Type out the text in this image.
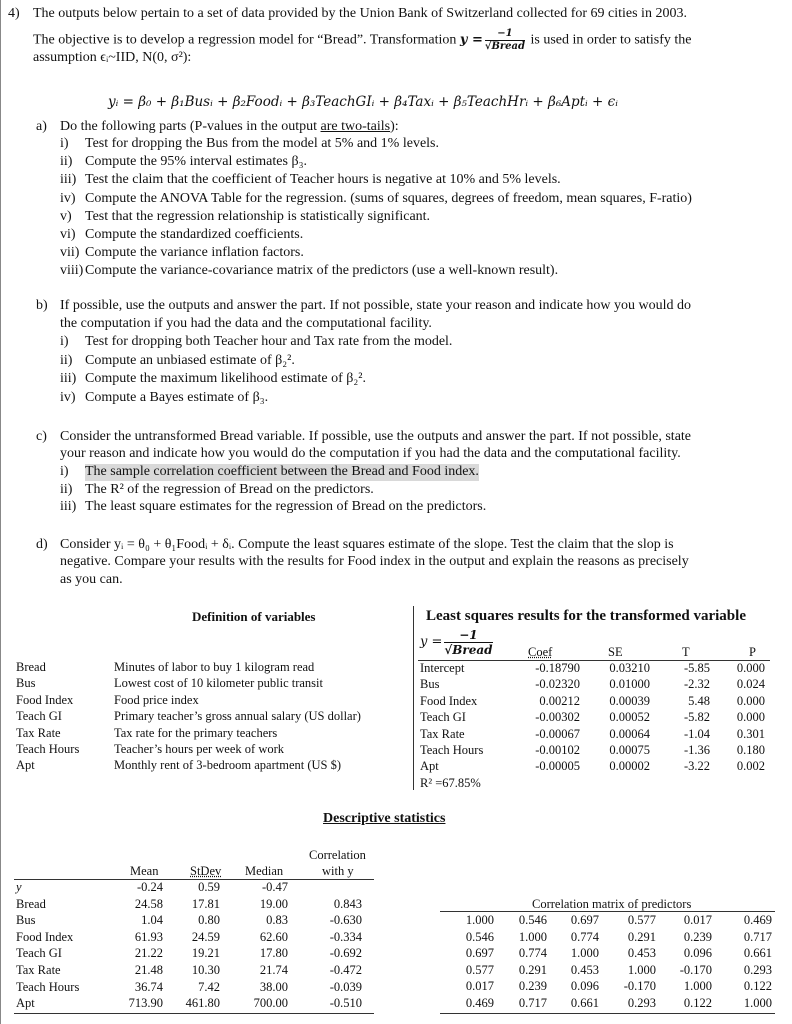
4) The outputs below pertain to a set of data provided by the Union Bank of Switzerland collected for 69 cities in 2003.
The objective is to develop a regression model for “Bread”. Transformation $y = \frac{-1}{\text{√Bread}}$ is used in order to satisfy the
assumption ϵᵢ~IID, N(0, σ²):
yᵢ = β₀ + β₁Busᵢ + β₂Foodᵢ + β₃TeachGIᵢ + β₄Taxᵢ + β₅TeachHrᵢ + β₆Aptᵢ + ϵᵢ
a) Do the following parts (P-values in the output are two-tails):
i) Test for dropping the Bus from the model at 5% and 1% levels.
ii) Compute the 95% interval estimates β₃.
iii) Test the claim that the coefficient of Teacher hours is negative at 10% and 5% levels.
iv) Compute the ANOVA Table for the regression. (sums of squares, degrees of freedom, mean squares, F-ratio)
v) Test that the regression relationship is statistically significant.
vi) Compute the standardized coefficients.
vii) Compute the variance inflation factors.
viii) Compute the variance-covariance matrix of the predictors (use a well-known result).
b) If possible, use the outputs and answer the part. If not possible, state your reason and indicate how you would do
the computation if you had the data and the computational facility.
i) Test for dropping both Teacher hour and Tax rate from the model.
ii) Compute an unbiased estimate of β₂².
iii) Compute the maximum likelihood estimate of β₂².
iv) Compute a Bayes estimate of β₃.
c) Consider the untransformed Bread variable. If possible, use the outputs and answer the part. If not possible, state
your reason and indicate how you would do the computation if you had the data and the computational facility.
i) The sample correlation coefficient between the Bread and Food index.
ii) The R² of the regression of Bread on the predictors.
iii) The least square estimates for the regression of Bread on the predictors.
d) Consider yᵢ = θ₀ + θ₁Foodᵢ + δᵢ. Compute the least squares estimate of the slope. Test the claim that the slop is
negative. Compare your results with the results for Food index in the output and explain the reasons as precisely
as you can.
Definition of variables
Bread	Minutes of labor to buy 1 kilogram read
Bus	Lowest cost of 10 kilometer public transit
Food Index	Food price index
Teach GI	Primary teacher’s gross annual salary (US dollar)
Tax Rate	Tax rate for the primary teachers
Teach Hours	Teacher’s hours per week of work
Apt	Monthly rent of 3-bedroom apartment (US $)
Least squares results for the transformed variable
$y = \frac{-1}{\text{√Bread}}$	Coef	SE	T	P
Intercept	-0.18790	0.03210	-5.85	0.000
Bus	-0.02320	0.01000	-2.32	0.024
Food Index	0.00212	0.00039	5.48	0.000
Teach GI	-0.00302	0.00052	-5.82	0.000
Tax Rate	-0.00067	0.00064	-1.04	0.301
Teach Hours	-0.00102	0.00075	-1.36	0.180
Apt	-0.00005	0.00002	-3.22	0.002
R² =67.85%
Descriptive statistics
Correlation
with y
Mean	StDev Median
y	-0.24	0.59	-0.47
Bread	24.58	17.81	19.00	0.843
Bus	1.04	0.80	0.83	-0.630
Food Index	61.93	24.59	62.60	-0.334
Teach GI	21.22	19.21	17.80	-0.692
Tax Rate	21.48	10.30	21.74	-0.472
Teach Hours	36.74	7.42	38.00	-0.039
Apt	713.90	461.80	700.00	-0.510
Correlation matrix of predictors
1.000	0.546	0.697	0.577	0.017	0.469
0.546	1.000	0.774	0.291	0.239	0.717
0.697	0.774	1.000	0.453	0.096	0.661
0.577	0.291	0.453	1.000	-0.170	0.293
0.017	0.239	0.096	-0.170	1.000	0.122
0.469	0.717	0.661	0.293	0.122	1.000
